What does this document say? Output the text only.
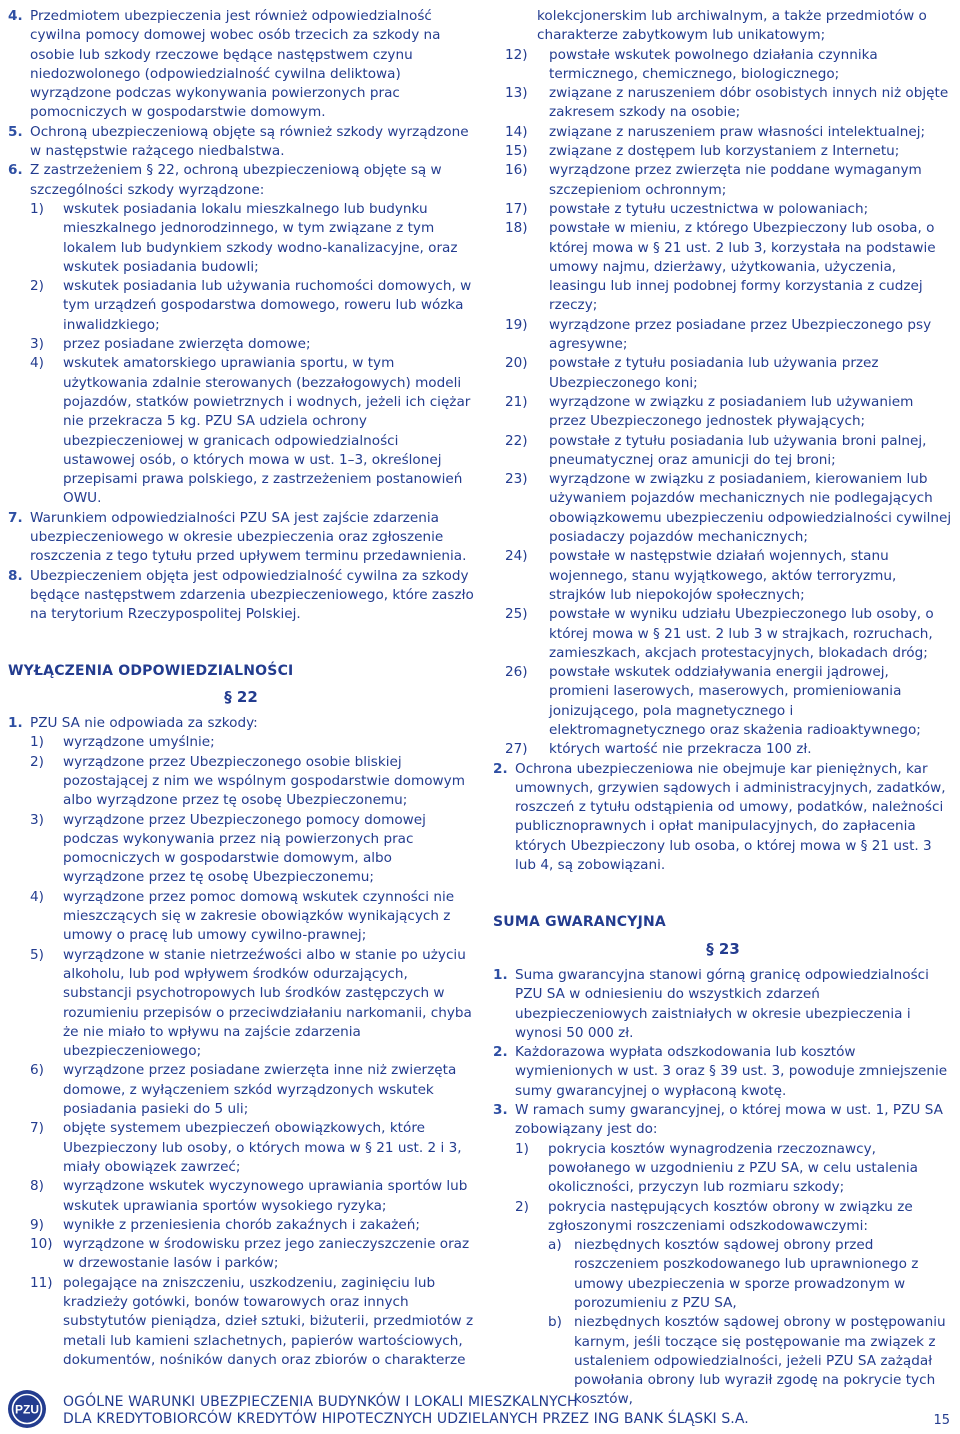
4. Przedmiotem ubezpieczenia jest również odpowiedzialność cywilna pomocy domowej wobec osób trzecich za szkody na osobie lub szkody rzeczowe będące następstwem czynu niedozwolonego (odpowiedzialność cywilna deliktowa) wyrządzone podczas wykonywania powierzonych prac pomocniczych w gospodarstwie domowym.
5. Ochroną ubezpieczeniową objęte są również szkody wyrządzone w następstwie rażącego niedbalstwa.
6. Z zastrzeżeniem § 22, ochroną ubezpieczeniową objęte są w szczególności szkody wyrządzone:
1)	wskutek posiadania lokalu mieszkalnego lub budynku mieszkalnego jednorodzinnego, w tym związane z tym lokalem lub budynkiem szkody wodno-kanalizacyjne, oraz wskutek posiadania budowli;
2)	wskutek posiadania lub używania ruchomości domowych, w tym urządzeń gospodarstwa domowego, roweru lub wózka inwalidzkiego;
3)	przez posiadane zwierzęta domowe;
4)	wskutek amatorskiego uprawiania sportu, w tym użytkowania zdalnie sterowanych (bezzałogowych) modeli pojazdów, statków powietrznych i wodnych, jeżeli ich ciężar nie przekracza 5 kg. PZU SA udziela ochrony ubezpieczeniowej w granicach odpowiedzialności ustawowej osób, o których mowa w ust. 1–3, określonej przepisami prawa polskiego, z zastrzeżeniem postanowień OWU.
7. Warunkiem odpowiedzialności PZU SA jest zajście zdarzenia ubezpieczeniowego w okresie ubezpieczenia oraz zgłoszenie roszczenia z tego tytułu przed upływem terminu przedawnienia.
8. Ubezpieczeniem objęta jest odpowiedzialność cywilna za szkody będące następstwem zdarzenia ubezpieczeniowego, które zaszło na terytorium Rzeczypospolitej Polskiej.
WYŁĄCZENIA ODPOWIEDZIALNOŚCI
§ 22
1. PZU SA nie odpowiada za szkody:
1)	wyrządzone umyślnie;
2)	wyrządzone przez Ubezpieczonego osobie bliskiej pozostającej z nim we wspólnym gospodarstwie domowym albo wyrządzone przez tę osobę Ubezpieczonemu;
3)	wyrządzone przez Ubezpieczonego pomocy domowej podczas wykonywania przez nią powierzonych prac pomocniczych w gospodarstwie domowym, albo wyrządzone przez tę osobę Ubezpieczonemu;
4)	wyrządzone przez pomoc domową wskutek czynności nie mieszczących się w zakresie obowiązków wynikających z umowy o pracę lub umowy cywilno-prawnej;
5)	wyrządzone w stanie nietrzeźwości albo w stanie po użyciu alkoholu, lub pod wpływem środków odurzających, substancji psychotropowych lub środków zastępczych w rozumieniu przepisów o przeciwdziałaniu narkomanii, chyba że nie miało to wpływu na zajście zdarzenia ubezpieczeniowego;
6)	wyrządzone przez posiadane zwierzęta inne niż zwierzęta domowe, z wyłączeniem szkód wyrządzonych wskutek posiadania pasieki do 5 uli;
7)	objęte systemem ubezpieczeń obowiązkowych, które Ubezpieczony lub osoby, o których mowa w § 21 ust. 2 i 3, miały obowiązek zawrzeć;
8)	wyrządzone wskutek wyczynowego uprawiania sportów lub wskutek uprawiania sportów wysokiego ryzyka;
9)	wynikłe z przeniesienia chorób zakaźnych i zakażeń;
10) wyrządzone w środowisku przez jego zanieczyszczenie oraz w drzewostanie lasów i parków;
11) polegające na zniszczeniu, uszkodzeniu, zaginięciu lub kradzieży gotówki, bonów towarowych oraz innych substytutów pieniądza, dzieł sztuki, biżuterii, przedmiotów z metali lub kamieni szlachetnych, papierów wartościowych, dokumentów, nośników danych oraz zbiorów o charakterze
kolekcjonerskim lub archiwalnym, a także przedmiotów o charakterze zabytkowym lub unikatowym;
12)	powstałe wskutek powolnego działania czynnika termicznego, chemicznego, biologicznego;
13)	związane z naruszeniem dóbr osobistych innych niż objęte zakresem szkody na osobie;
14)	związane z naruszeniem praw własności intelektualnej;
15)	związane z dostępem lub korzystaniem z Internetu;
16)	wyrządzone przez zwierzęta nie poddane wymaganym szczepieniom ochronnym;
17)	powstałe z tytułu uczestnictwa w polowaniach;
18)	powstałe w mieniu, z którego Ubezpieczony lub osoba, o której mowa w § 21 ust. 2 lub 3, korzystała na podstawie umowy najmu, dzierżawy, użytkowania, użyczenia, leasingu lub innej podobnej formy korzystania z cudzej rzeczy;
19)	wyrządzone przez posiadane przez Ubezpieczonego psy agresywne;
20)	powstałe z tytułu posiadania lub używania przez Ubezpieczonego koni;
21)	wyrządzone w związku z posiadaniem lub używaniem przez Ubezpieczonego jednostek pływających;
22)	powstałe z tytułu posiadania lub używania broni palnej, pneumatycznej oraz amunicji do tej broni;
23)	wyrządzone w związku z posiadaniem, kierowaniem lub używaniem pojazdów mechanicznych nie podlegających obowiązkowemu ubezpieczeniu odpowiedzialności cywilnej posiadaczy pojazdów mechanicznych;
24)	powstałe w następstwie działań wojennych, stanu wojennego, stanu wyjątkowego, aktów terroryzmu, strajków lub niepokojów społecznych;
25)	powstałe w wyniku udziału Ubezpieczonego lub osoby, o której mowa w § 21 ust. 2 lub 3 w strajkach, rozruchach, zamieszkach, akcjach protestacyjnych, blokadach dróg;
26)	powstałe wskutek oddziaływania energii jądrowej, promieni laserowych, maserowych, promieniowania jonizującego, pola magnetycznego i elektromagnetycznego oraz skażenia radioaktywnego;
27)	których wartość nie przekracza 100 zł.
2. Ochrona ubezpieczeniowa nie obejmuje kar pieniężnych, kar umownych, grzywien sądowych i administracyjnych, zadatków, roszczeń z tytułu odstąpienia od umowy, podatków, należności publicznoprawnych i opłat manipulacyjnych, do zapłacenia których Ubezpieczony lub osoba, o której mowa w § 21 ust. 3 lub 4, są zobowiązani.
SUMA GWARANCYJNA
§ 23
1. Suma gwarancyjna stanowi górną granicę odpowiedzialności PZU SA w odniesieniu do wszystkich zdarzeń ubezpieczeniowych zaistniałych w okresie ubezpieczenia i wynosi 50 000 zł.
2. Każdorazowa wypłata odszkodowania lub kosztów wymienionych w ust. 3 oraz § 39 ust. 3, powoduje zmniejszenie sumy gwarancyjnej o wypłaconą kwotę.
3. W ramach sumy gwarancyjnej, o której mowa w ust. 1, PZU SA zobowiązany jest do:
1)	pokrycia kosztów wynagrodzenia rzeczoznawcy, powołanego w uzgodnieniu z PZU SA, w celu ustalenia okoliczności, przyczyn lub rozmiaru szkody;
2)	pokrycia następujących kosztów obrony w związku ze zgłoszonymi roszczeniami odszkodowawczymi:
a) niezbędnych kosztów sądowej obrony przed roszczeniem poszkodowanego lub uprawnionego z umowy ubezpieczenia w sporze prowadzonym w porozumieniu z PZU SA,
b) niezbędnych kosztów sądowej obrony w postępowaniu karnym, jeśli toczące się postępowanie ma związek z ustaleniem odpowiedzialności, jeżeli PZU SA zażądał powołania obrony lub wyraził zgodę na pokrycie tych kosztów,
PZU OGÓLNE WARUNKI UBEZPIECZENIA BUDYNKÓW I LOKALI MIESZKALNYCH
DLA KREDYTOBIORCÓW KREDYTÓW HIPOTECZNYCH UDZIELANYCH PRZEZ ING BANK ŚLĄSKI S.A.	15
